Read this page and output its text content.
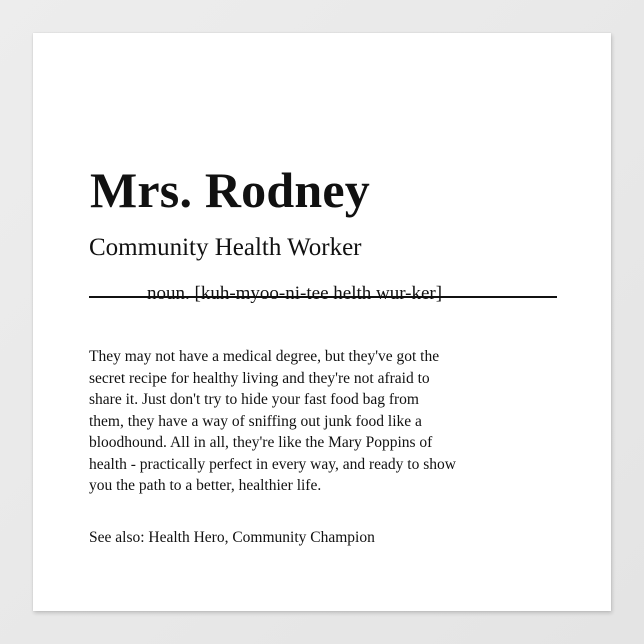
Mrs. Rodney
Community Health Worker
noun. [kuh-myoo-ni-tee helth wur-ker]

They may not have a medical degree, but they've got the
secret recipe for healthy living and they're not afraid to
share it. Just don't try to hide your fast food bag from
them, they have a way of sniffing out junk food like a
bloodhound. All in all, they're like the Mary Poppins of
health - practically perfect in every way, and ready to show
you the path to a better, healthier life.

See also: Health Hero, Community Champion
